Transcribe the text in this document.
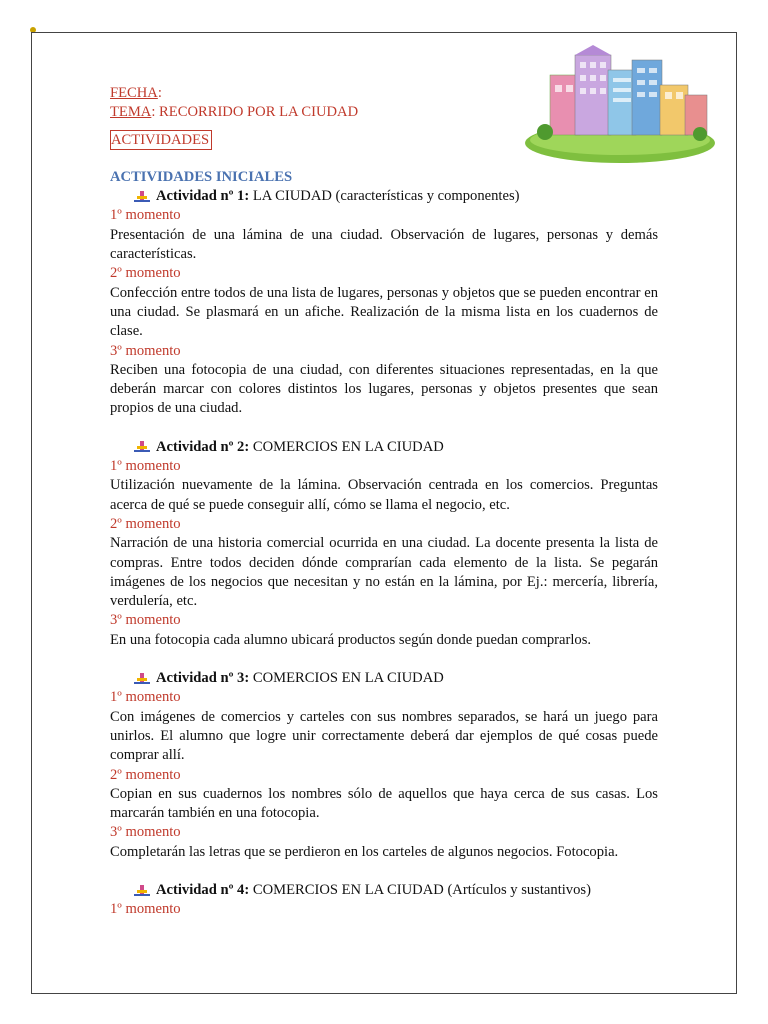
FECHA:

TEMA: RECORRIDO POR LA CIUDAD

ACTIVIDADES

ACTIVIDADES INICIALES

Actividad nº 1: LA CIUDAD (características y componentes)

1º momento

Presentación de una lámina de una ciudad. Observación de lugares, personas y demás características.

2º momento

Confección entre todos de una lista de lugares, personas y objetos que se pueden encontrar en una ciudad. Se plasmará en un afiche. Realización de la misma lista en los cuadernos de clase.

3º momento

Reciben una fotocopia de una ciudad, con diferentes situaciones representadas, en la que deberán marcar con colores distintos los lugares, personas y objetos presentes que sean propios de una ciudad.

Actividad nº 2: COMERCIOS EN LA CIUDAD

1º momento

Utilización nuevamente de la lámina. Observación centrada en los comercios. Preguntas acerca de qué se puede conseguir allí, cómo se llama el negocio, etc.

2º momento

Narración de una historia comercial ocurrida en una ciudad. La docente presenta la lista de compras. Entre todos deciden dónde comprarían cada elemento de la lista. Se pegarán imágenes de los negocios que necesitan y no están en la lámina, por Ej.: mercería, librería, verdulería, etc.

3º momento

En una fotocopia cada alumno ubicará productos según donde puedan comprarlos.

Actividad nº 3: COMERCIOS EN LA CIUDAD

1º momento

Con imágenes de comercios y carteles con sus nombres separados, se hará un juego para unirlos. El alumno que logre unir correctamente deberá dar ejemplos de qué cosas puede comprar allí.

2º momento

Copian en sus cuadernos los nombres sólo de aquellos que haya cerca de sus casas. Los marcarán también en una fotocopia.

3º momento

Completarán las letras que se perdieron en los carteles de algunos negocios. Fotocopia.

Actividad nº 4: COMERCIOS EN LA CIUDAD (Artículos y sustantivos)

1º momento
